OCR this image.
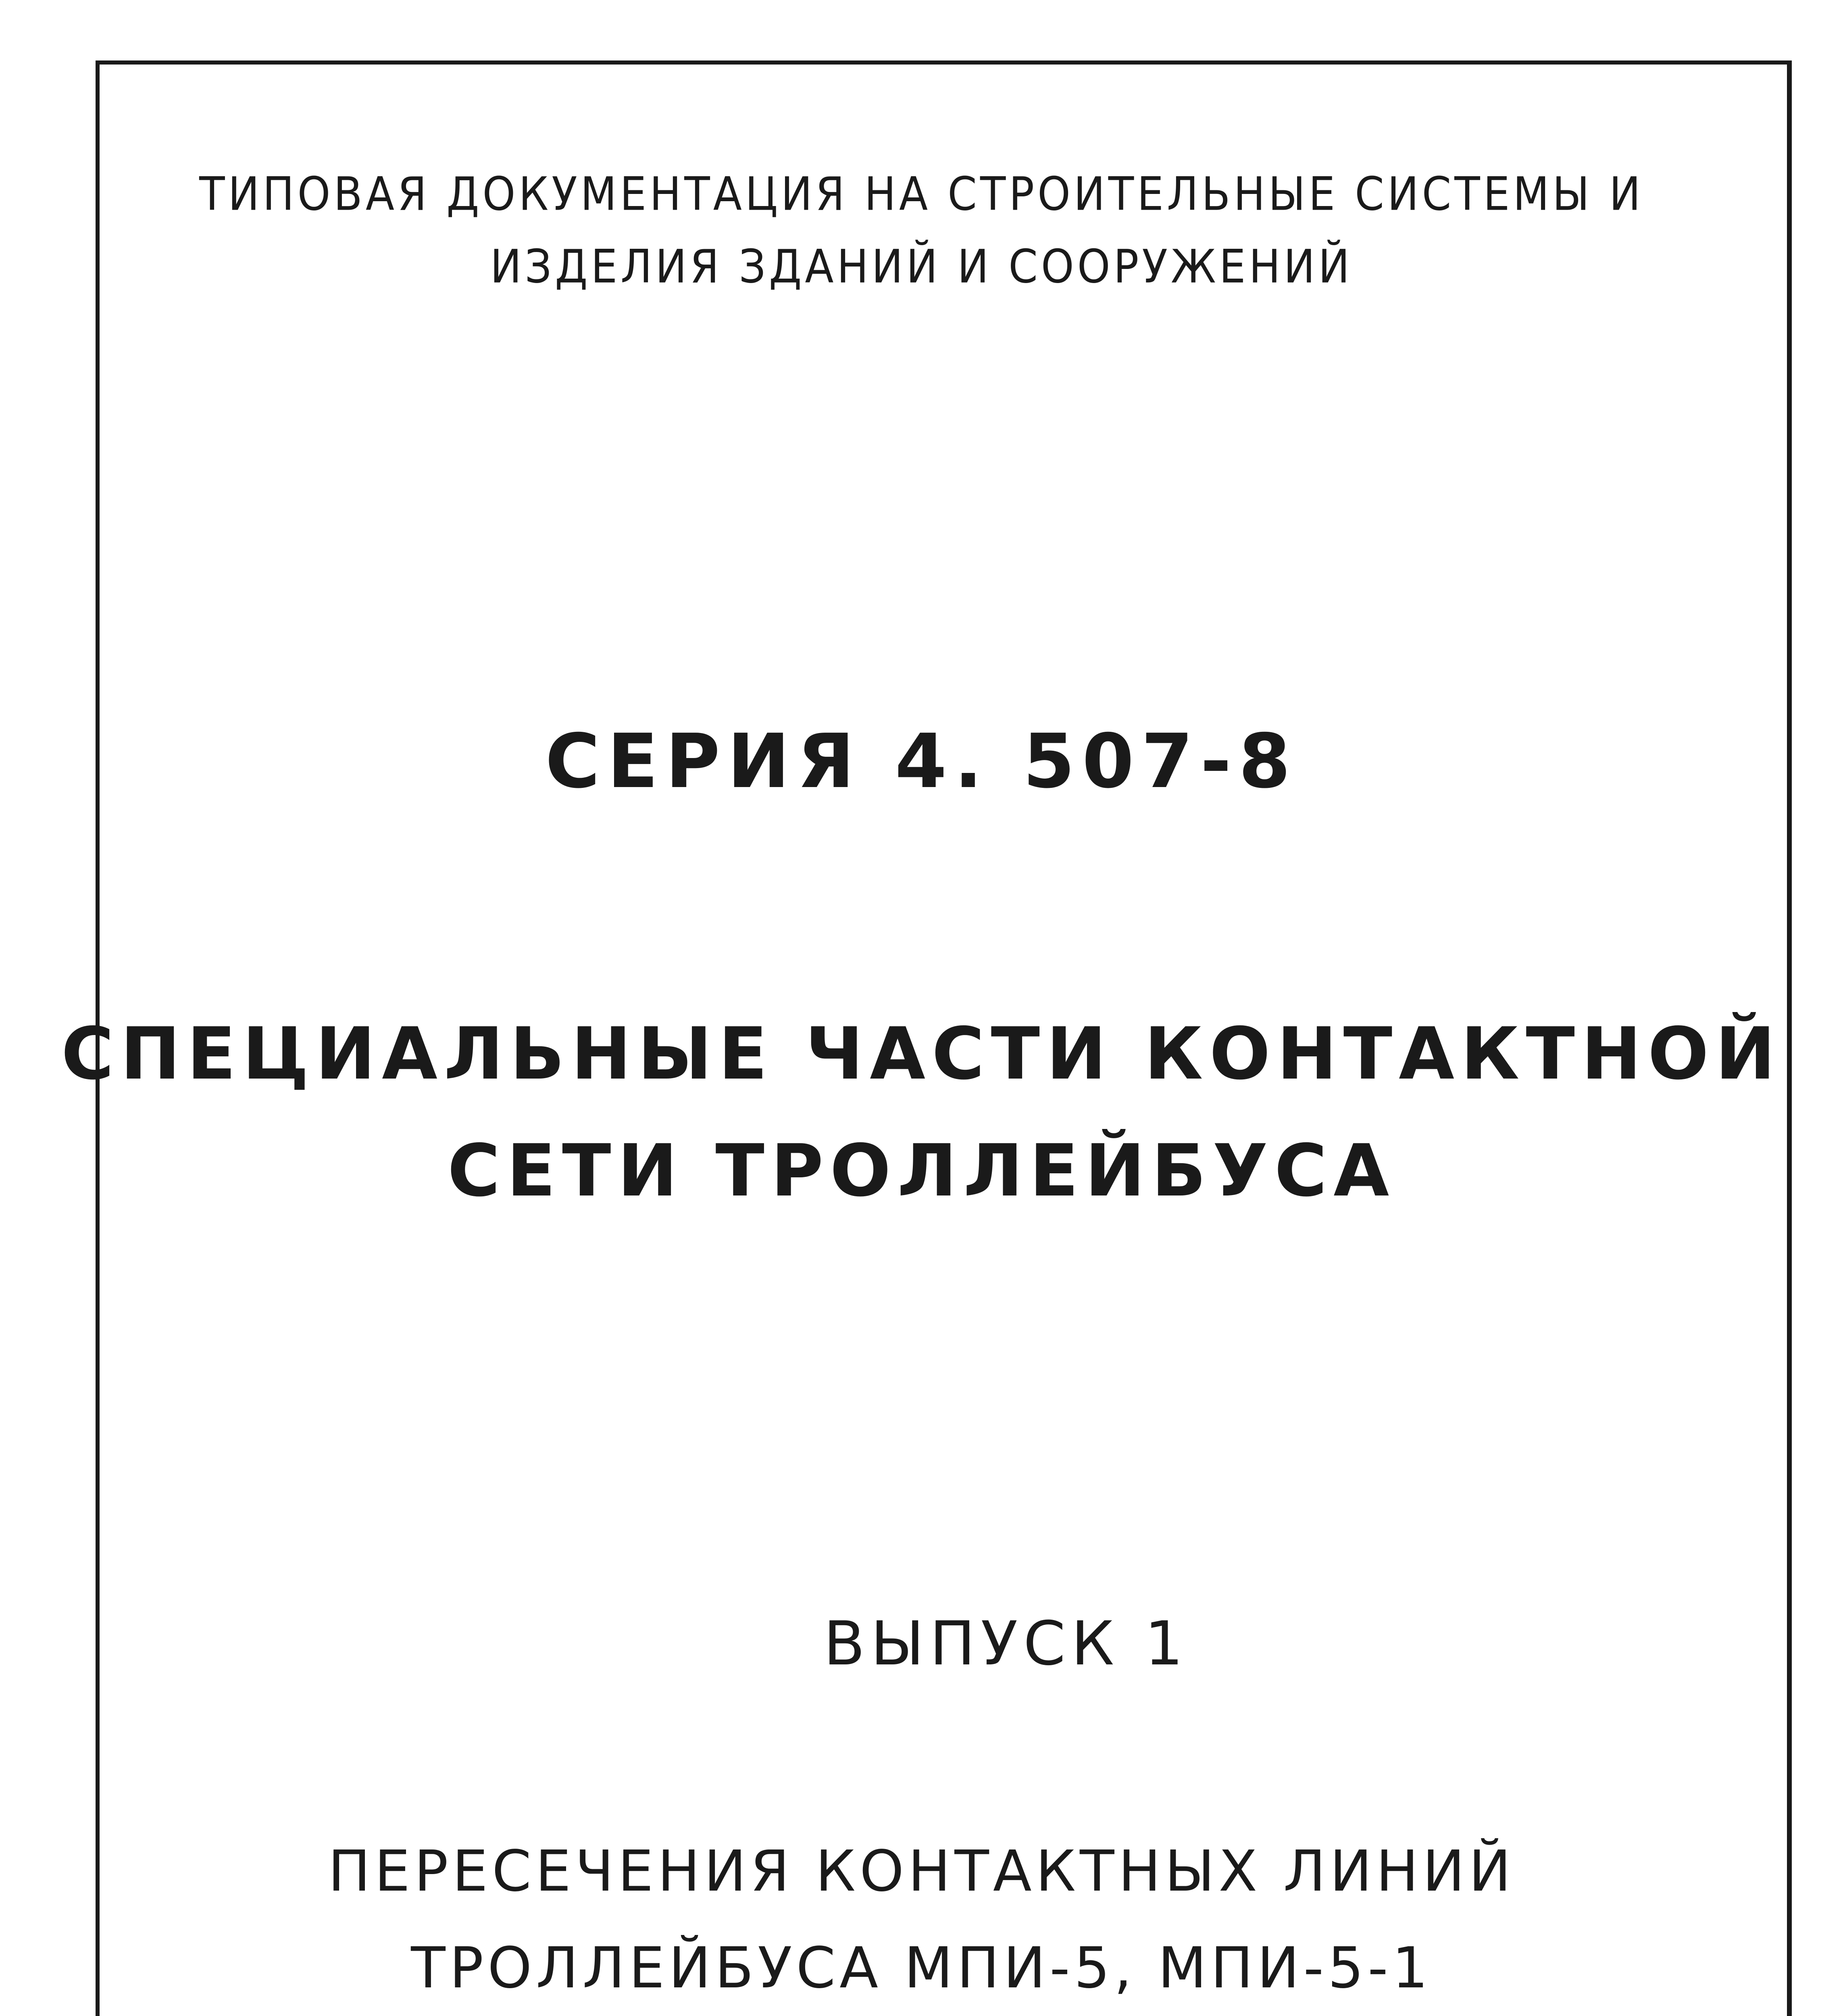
ТИПОВАЯ ДОКУМЕНТАЦИЯ НА СТРОИТЕЛЬНЫЕ СИСТЕМЫ И
ИЗДЕЛИЯ ЗДАНИЙ И СООРУЖЕНИЙ
СЕРИЯ 4. 507-8
СПЕЦИАЛЬНЫЕ ЧАСТИ КОНТАКТНОЙ
СЕТИ ТРОЛЛЕЙБУСА
ВЫПУСК 1
ПЕРЕСЕЧЕНИЯ КОНТАКТНЫХ ЛИНИЙ
ТРОЛЛЕЙБУСА МПИ-5, МПИ-5-1
